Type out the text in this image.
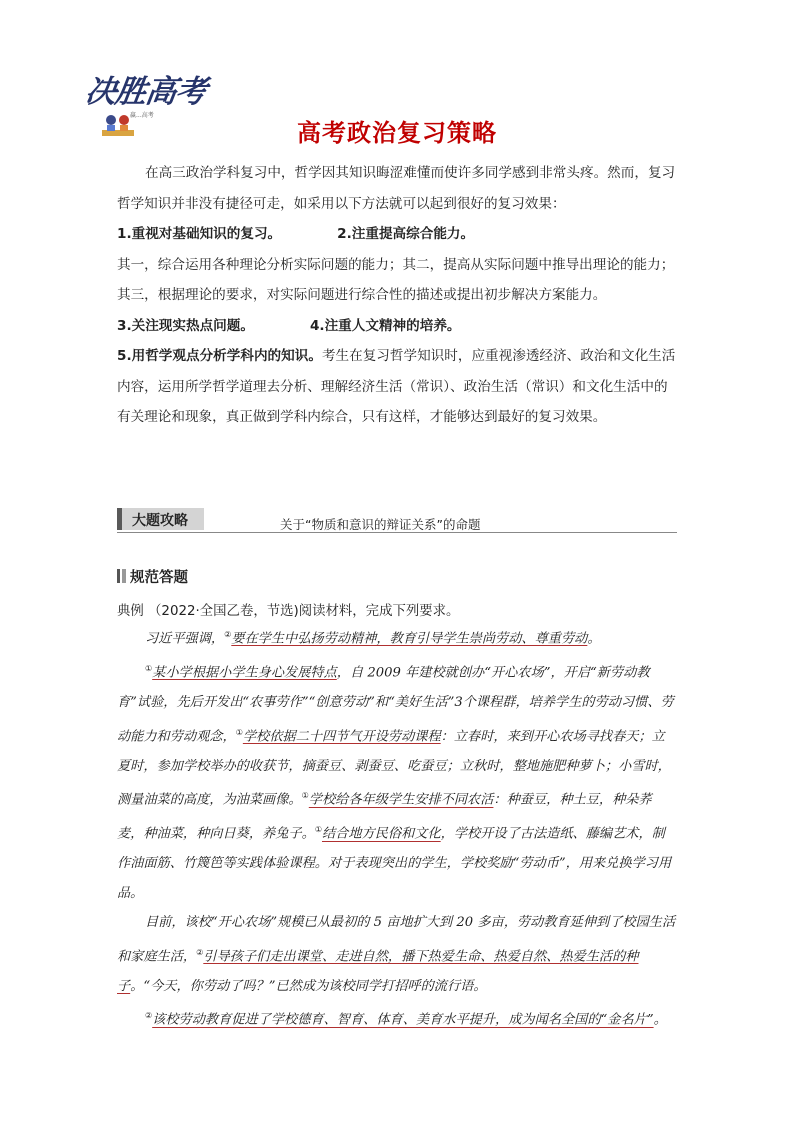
决胜高考
赢...高考
高考政治复习策略

在高三政治学科复习中，哲学因其知识晦涩难懂而使许多同学感到非常头疼。然而，复习哲学知识并非没有捷径可走，如采用以下方法就可以起到很好的复习效果：

1.重视对基础知识的复习。	2.注重提高综合能力。

其一，综合运用各种理论分析实际问题的能力；其二，提高从实际问题中推导出理论的能力；其三，根据理论的要求，对实际问题进行综合性的描述或提出初步解决方案能力。

3.关注现实热点问题。	4.注重人文精神的培养。

5.用哲学观点分析学科内的知识。考生在复习哲学知识时，应重视渗透经济、政治和文化生活内容，运用所学哲学道理去分析、理解经济生活（常识）、政治生活（常识）和文化生活中的有关理论和现象，真正做到学科内综合，只有这样，才能够达到最好的复习效果。

大题攻略	关于“物质和意识的辩证关系”的命题
规范答题
典例 （2022·全国乙卷，节选)阅读材料，完成下列要求。

习近平强调，②要在学生中弘扬劳动精神，教育引导学生崇尚劳动、尊重劳动。

①某小学根据小学生身心发展特点，自 2009 年建校就创办“开心农场”，开启“新劳动教育”试验，先后开发出“农事劳作”“创意劳动”和“美好生活”3个课程群，培养学生的劳动习惯、劳动能力和劳动观念，①学校依据二十四节气开设劳动课程：立春时，来到开心农场寻找春天；立夏时，参加学校举办的收获节，摘蚕豆、剥蚕豆、吃蚕豆；立秋时，整地施肥种萝卜；小雪时，测量油菜的高度，为油菜画像。①学校给各年级学生安排不同农活：种蚕豆，种土豆，种朵荞麦，种油菜，种向日葵，养兔子。①结合地方民俗和文化，学校开设了古法造纸、藤编艺术，制作油面筋、竹篾笆等实践体验课程。对于表现突出的学生，学校奖励“劳动币”，用来兑换学习用品。

目前，该校“开心农场”规模已从最初的 5 亩地扩大到 20 多亩，劳动教育延伸到了校园生活和家庭生活，②引导孩子们走出课堂、走进自然，播下热爱生命、热爱自然、热爱生活的种子。“今天，你劳动了吗？”已然成为该校同学打招呼的流行语。

②该校劳动教育促进了学校德育、智育、体育、美育水平提升，成为闻名全国的“金名片”。
